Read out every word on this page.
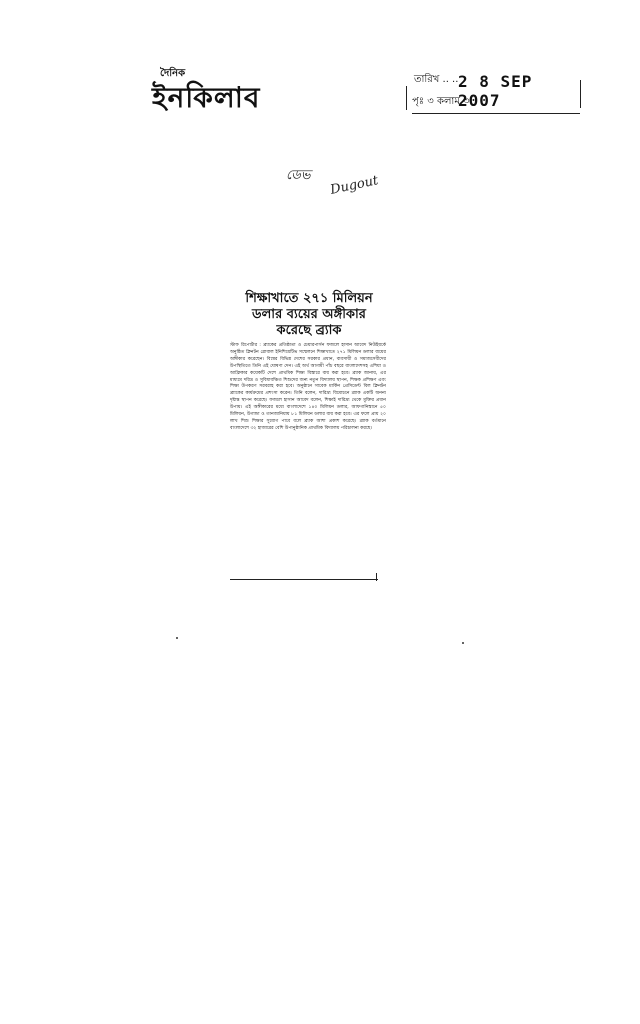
দৈনিক
ইনকিলাব
তারিখ .. .. 2 8 SEP 2007
পৃঃ ৩ কলাম ৩
ডেভ Dugout
শিক্ষাখাতে ২৭১ মিলিয়ন ডলার ব্যয়ের অঙ্গীকার করেছে ব্র্যাক
স্টাফ রিপোর্টার : ব্র্যাকের প্রতিষ্ঠাতা ও চেয়ারপার্সন ফজলে হাসান আবেদ নিউইয়র্কে অনুষ্ঠিত ক্লিনটন গ্লোবাল ইনিশিয়েটিভ সম্মেলনে শিক্ষাখাতে ২৭১ মিলিয়ন ডলার ব্যয়ের অঙ্গীকার করেছেন। বিশ্বের বিভিন্ন দেশের সরকার প্রধান, ব্যবসায়ী ও সমাজসেবীদের উপস্থিতিতে তিনি এই ঘোষণা দেন। এই অর্থ আগামী পাঁচ বছরে বাংলাদেশসহ এশিয়া ও আফ্রিকার কয়েকটি দেশে প্রাথমিক শিক্ষা বিস্তারে ব্যয় করা হবে। ব্র্যাক জানায়, এর মাধ্যমে দরিদ্র ও সুবিধাবঞ্চিত শিশুদের জন্য নতুন বিদ্যালয় স্থাপন, শিক্ষক প্রশিক্ষণ এবং শিক্ষা উপকরণ সরবরাহ করা হবে। অনুষ্ঠানে সাবেক মার্কিন প্রেসিডেন্ট বিল ক্লিনটন ব্র্যাকের কার্যক্রমের প্রশংসা করেন। তিনি বলেন, দারিদ্র্য বিমোচনে ব্র্যাক একটি অনন্য দৃষ্টান্ত স্থাপন করেছে। ফজলে হাসান আবেদ বলেন, শিক্ষাই দারিদ্র্য থেকে মুক্তির প্রধান উপায়। এই অঙ্গীকারের মধ্যে বাংলাদেশে ১৪০ মিলিয়ন ডলার, আফগানিস্তানে ৫০ মিলিয়ন, উগান্ডা ও তানজানিয়ায় ৮১ মিলিয়ন ডলার ব্যয় করা হবে। এর ফলে প্রায় ২০ লাখ শিশু শিক্ষার সুযোগ পাবে বলে ব্র্যাক আশা প্রকাশ করেছে। ব্র্যাক বর্তমানে বাংলাদেশে ৩২ হাজারের বেশি উপানুষ্ঠানিক প্রাথমিক বিদ্যালয় পরিচালনা করছে।
